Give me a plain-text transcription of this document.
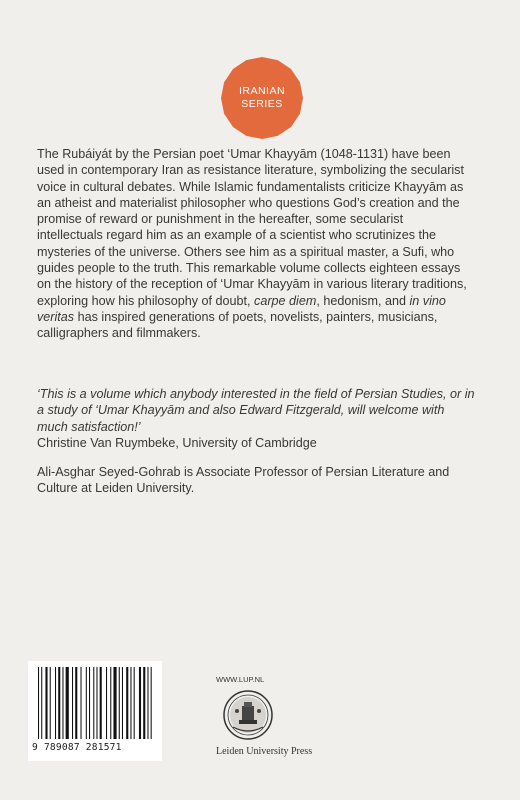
IRANIAN
SERIES

The Rubáiyát by the Persian poet ‘Umar Khayyām (1048-1131) have been used in contemporary Iran as resistance literature, symbolizing the secularist voice in cultural debates. While Islamic fundamentalists criticize Khayyām as an atheist and materialist philosopher who questions God’s creation and the promise of reward or punishment in the hereafter, some secularist intellectuals regard him as an example of a scientist who scrutinizes the mysteries of the universe. Others see him as a spiritual master, a Sufi, who guides people to the truth. This remarkable volume collects eighteen essays on the history of the reception of ‘Umar Khayyām in various literary traditions, exploring how his philosophy of doubt, carpe diem, hedonism, and in vino veritas has inspired generations of poets, novelists, painters, musicians, calligraphers and filmmakers.

‘This is a volume which anybody interested in the field of Persian Studies, or in a study of ‘Umar Khayyām and also Edward Fitzgerald, will welcome with much satisfaction!’
Christine Van Ruymbeke, University of Cambridge

Ali-Asghar Seyed-Gohrab is Associate Professor of Persian Literature and Culture at Leiden University.

9 789087 281571
WWW.LUP.NL
Leiden University Press
